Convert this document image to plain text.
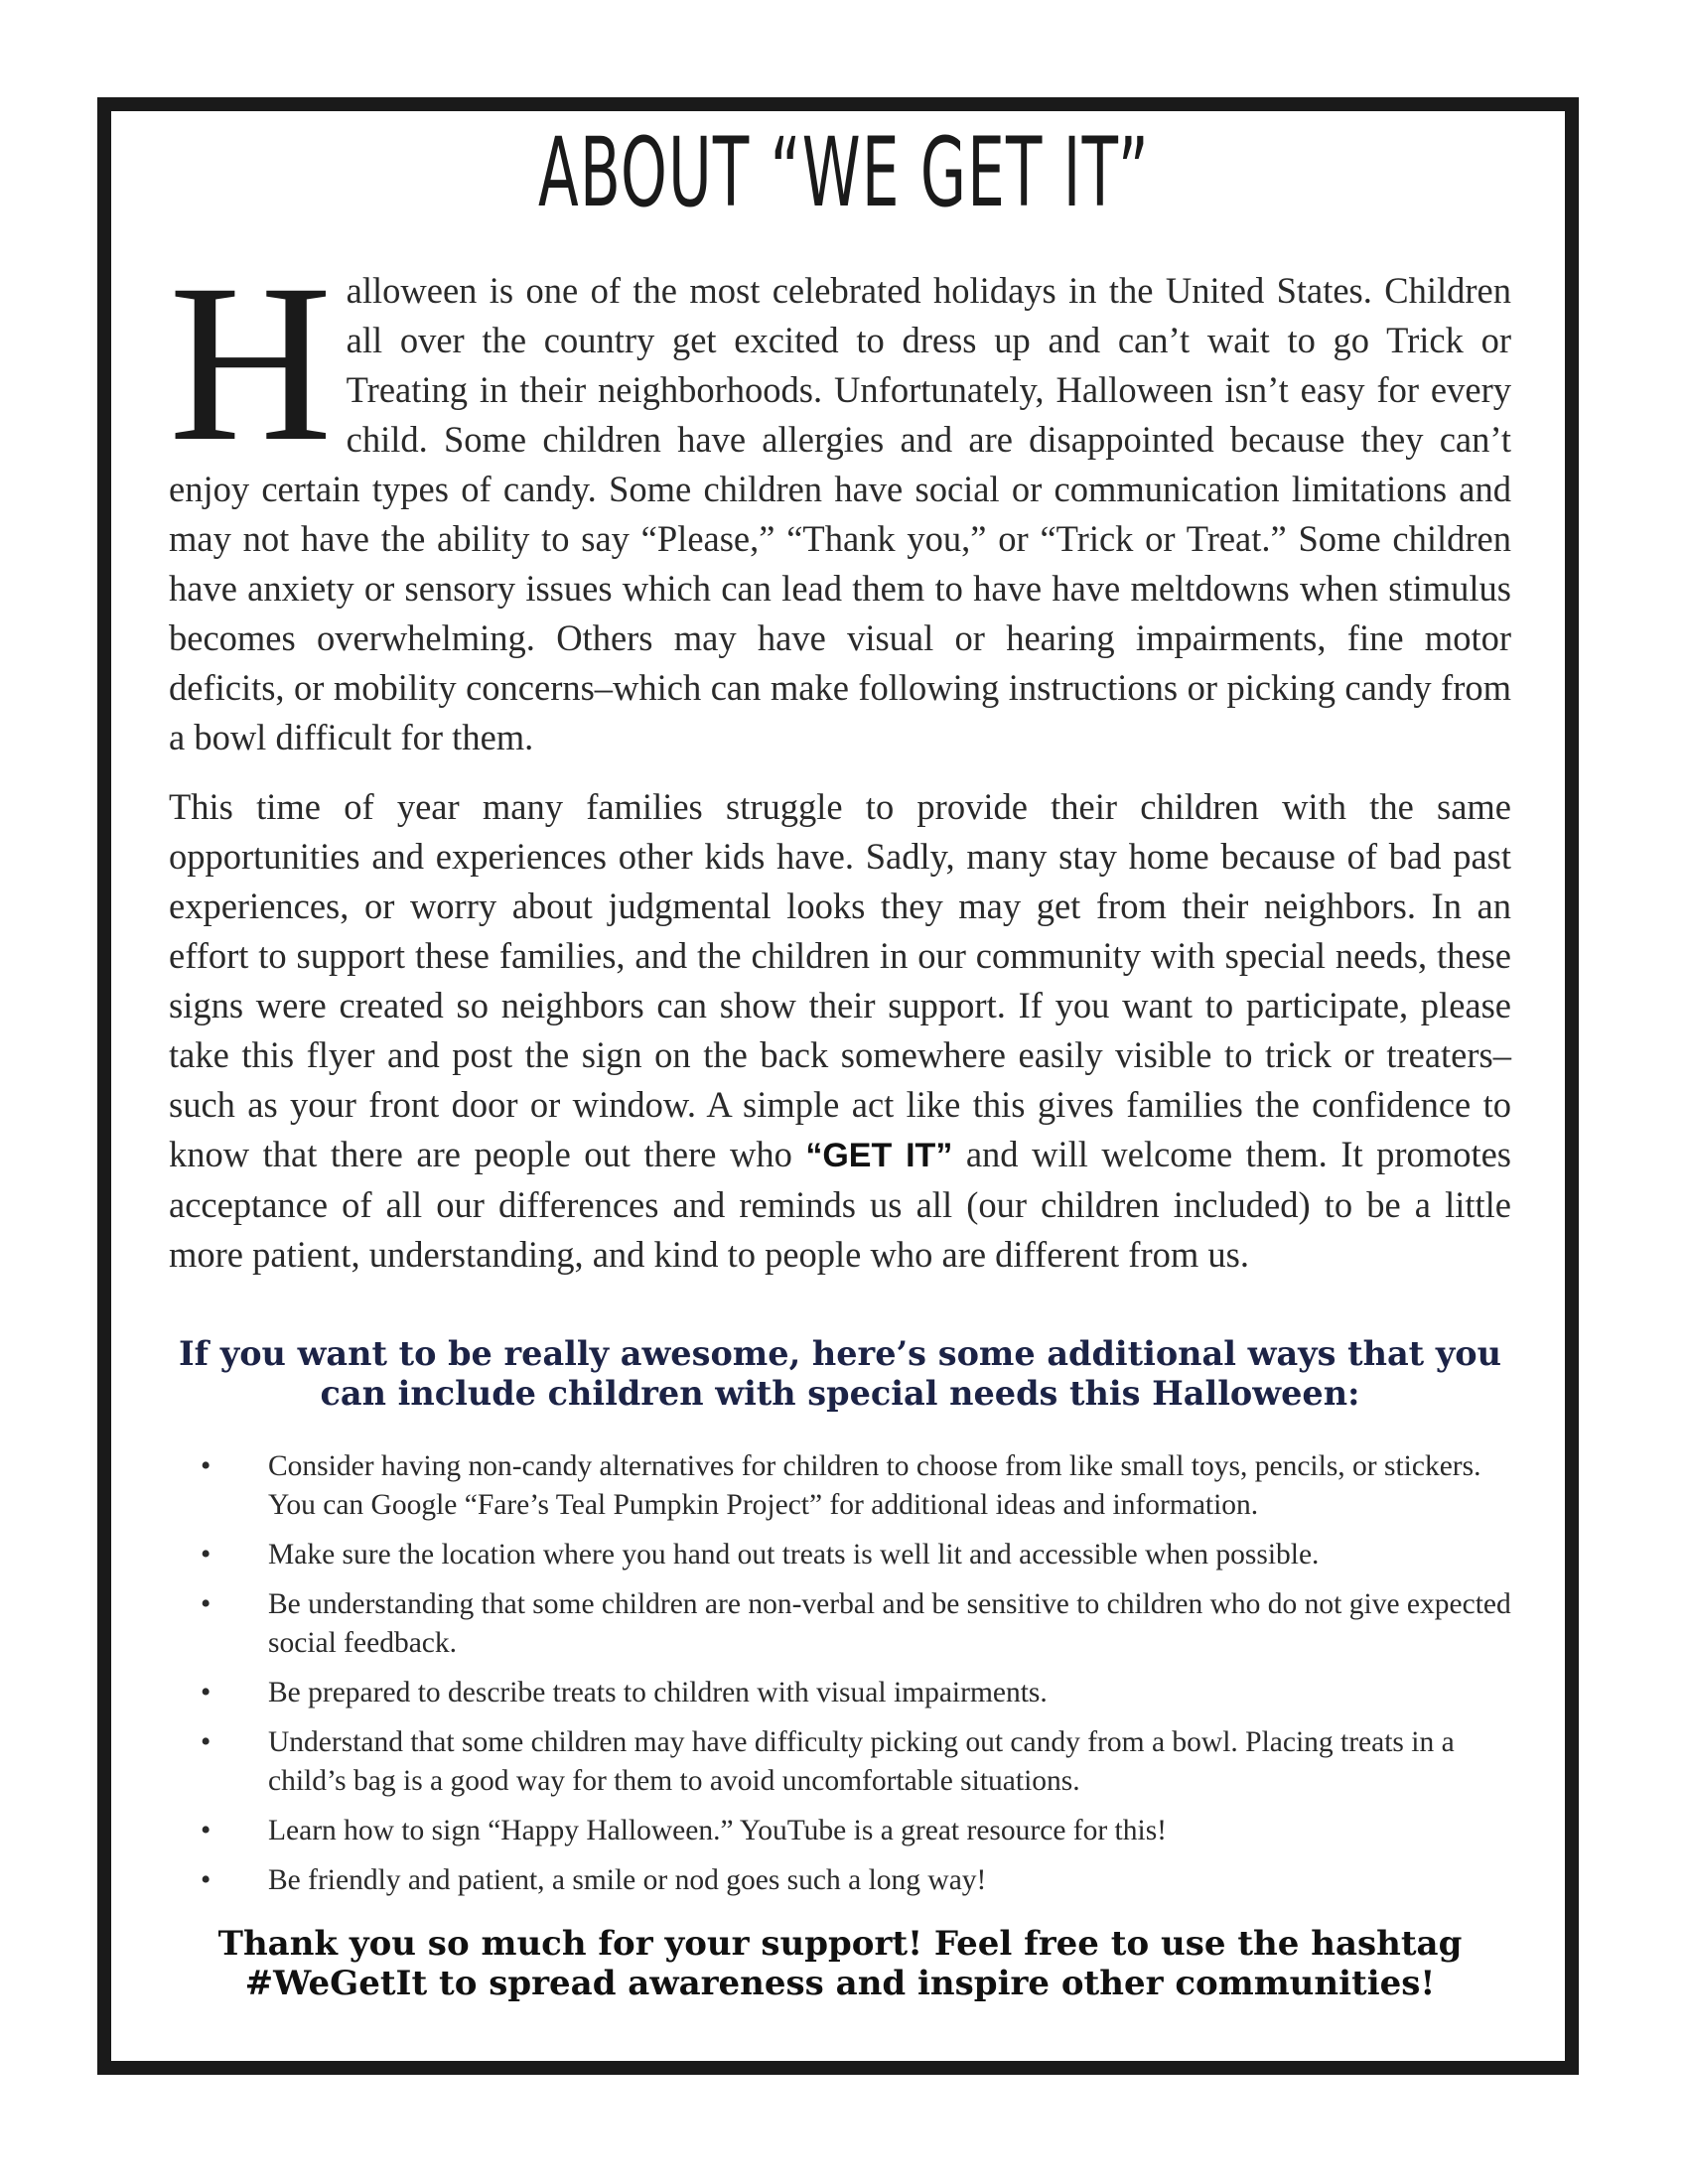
ABOUT “WE GET IT”
H alloween is one of the most celebrated holidays in the United States. Children all over the country get excited to dress up and can’t wait to go Trick or Treating in their neighborhoods. Unfortunately, Halloween isn’t easy for every child. Some children have allergies and are disappointed because they can’t enjoy certain types of candy. Some children have social or communication limitations and may not have the ability to say “Please,” “Thank you,” or “Trick or Treat.” Some children have anxiety or sensory issues which can lead them to have have meltdowns when stimulus becomes overwhelming. Others may have visual or hearing impairments, fine motor deficits, or mobility concerns–which can make following instructions or picking candy from a bowl difficult for them.
This time of year many families struggle to provide their children with the same opportunities and experiences other kids have. Sadly, many stay home because of bad past experiences, or worry about judgmental looks they may get from their neighbors. In an effort to support these families, and the children in our community with special needs, these signs were created so neighbors can show their support. If you want to participate, please take this flyer and post the sign on the back somewhere easily visible to trick or treaters–such as your front door or window. A simple act like this gives families the confidence to know that there are people out there who “GET IT” and will welcome them. It promotes acceptance of all our differences and reminds us all (our children included) to be a little more patient, understanding, and kind to people who are different from us.
If you want to be really awesome, here’s some additional ways that you can include children with special needs this Halloween:
• Consider having non-candy alternatives for children to choose from like small toys, pencils, or stickers. You can Google “Fare’s Teal Pumpkin Project” for additional ideas and information.
• Make sure the location where you hand out treats is well lit and accessible when possible.
• Be understanding that some children are non-verbal and be sensitive to children who do not give expected social feedback.
• Be prepared to describe treats to children with visual impairments.
• Understand that some children may have difficulty picking out candy from a bowl. Placing treats in a child’s bag is a good way for them to avoid uncomfortable situations.
• Learn how to sign “Happy Halloween.” YouTube is a great resource for this!
• Be friendly and patient, a smile or nod goes such a long way!

Thank you so much for your support! Feel free to use the hashtag #WeGetIt to spread awareness and inspire other communities!
